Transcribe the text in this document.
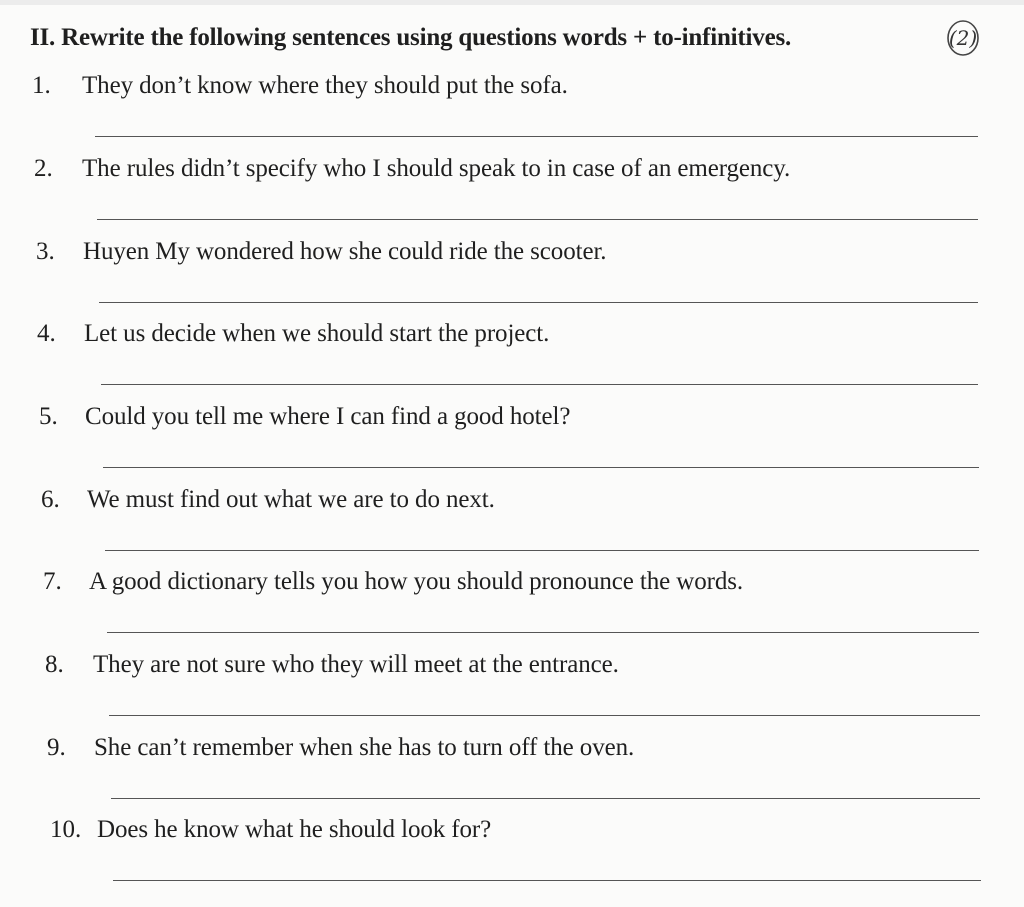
II. Rewrite the following sentences using questions words + to-infinitives.	(2)
1. They don’t know where they should put the sofa.
2. The rules didn’t specify who I should speak to in case of an emergency.
3. Huyen My wondered how she could ride the scooter.
4. Let us decide when we should start the project.
5. Could you tell me where I can find a good hotel?
6. We must find out what we are to do next.
7. A good dictionary tells you how you should pronounce the words.
8. They are not sure who they will meet at the entrance.
9. She can’t remember when she has to turn off the oven.
10. Does he know what he should look for?
